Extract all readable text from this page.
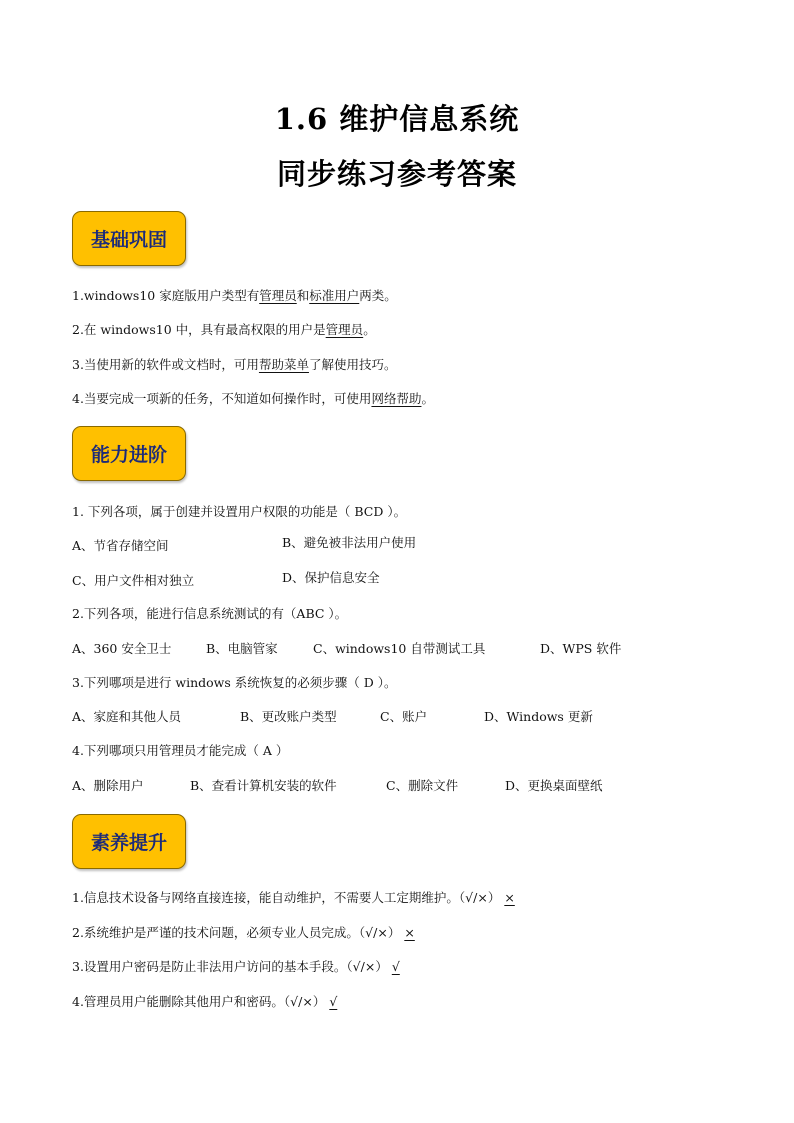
1.6 维护信息系统
同步练习参考答案
基础巩固
1.windows10 家庭版用户类型有管理员和标准用户两类。
2.在 windows10 中，具有最高权限的用户是管理员。
3.当使用新的软件或文档时，可用帮助菜单了解使用技巧。
4.当要完成一项新的任务，不知道如何操作时，可使用网络帮助。
能力进阶
1. 下列各项，属于创建并设置用户权限的功能是（ BCD ）。
A、节省存储空间	B、避免被非法用户使用
C、用户文件相对独立	D、保护信息安全
2.下列各项，能进行信息系统测试的有（ABC ）。
A、360 安全卫士	B、电脑管家	C、windows10 自带测试工具	D、WPS 软件
3.下列哪项是进行 windows 系统恢复的必须步骤（ D ）。
A、家庭和其他人员	B、更改账户类型	C、账户	D、Windows 更新
4.下列哪项只用管理员才能完成（ A ）
A、删除用户	B、查看计算机安装的软件	C、删除文件	D、更换桌面壁纸
素养提升
1.信息技术设备与网络直接连接，能自动维护，不需要人工定期维护。（√/×） ×
2.系统维护是严谨的技术问题，必须专业人员完成。（√/×） ×
3.设置用户密码是防止非法用户访问的基本手段。（√/×） √
4.管理员用户能删除其他用户和密码。（√/×） √
